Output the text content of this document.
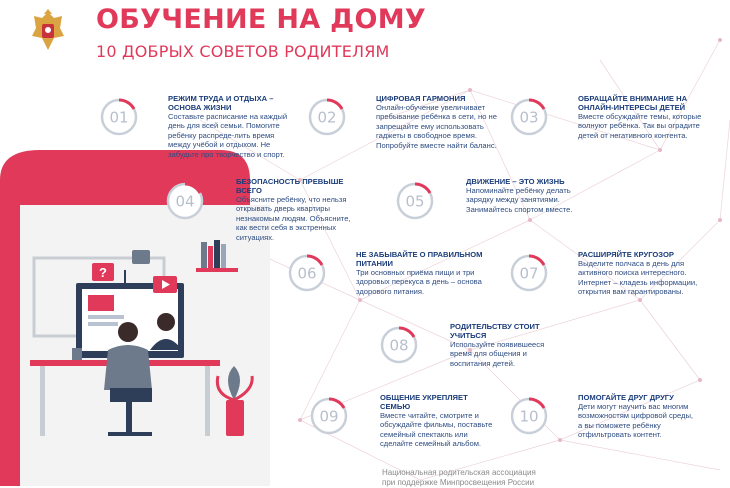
ОБУЧЕНИЕ НА ДОМУ
10 ДОБРЫХ СОВЕТОВ РОДИТЕЛЯМ
?
01	02	03
04	05
06	07
08
09	10
РЕЖИМ ТРУДА И ОТДЫХА – ОСНОВА ЖИЗНИ
Составьте расписание на каждый день для всей семьи. Помогите ребёнку распреде-лить время между учёбой и отдыхом. Не забудьте про творчество и спорт.
ЦИФРОВАЯ ГАРМОНИЯ
Онлайн-обучение увеличивает пребывание ребёнка в сети, но не запрещайте ему использовать гаджеты в свободное время. Попробуйте вместе найти баланс.
ОБРАЩАЙТЕ ВНИМАНИЕ НА ОНЛАЙН-ИНТЕРЕСЫ ДЕТЕЙ
Вместе обсуждайте темы, которые волнуют ребёнка. Так вы оградите детей от негативного контента.
БЕЗОПАСНОСТЬ ПРЕВЫШЕ ВСЕГО
Объясните ребёнку, что нельзя открывать дверь квартиры незнакомым людям. Объясните, как вести себя в экстренных ситуациях.
ДВИЖЕНИЕ – ЭТО ЖИЗНЬ
Напоминайте ребёнку делать зарядку между занятиями. Занимайтесь спортом вместе.
НЕ ЗАБЫВАЙТЕ О ПРАВИЛЬНОМ ПИТАНИИ
Три основных приёма пищи и три здоровых перекуса в день – основа здорового питания.
РАСШИРЯЙТЕ КРУГОЗОР
Выделите полчаса в день для активного поиска интересного. Интернет – кладезь информации, открытия вам гарантированы.
РОДИТЕЛЬСТВУ СТОИТ УЧИТЬСЯ
Используйте появившееся время для общения и воспитания детей.
ОБЩЕНИЕ УКРЕПЛЯЕТ СЕМЬЮ
Вместе читайте, смотрите и обсуждайте фильмы, поставьте семейный спектакль или сделайте семейный альбом.
ПОМОГАЙТЕ ДРУГ ДРУГУ
Дети могут научить вас многим возможностям цифровой среды, а вы поможете ребёнку отфильтровать контент.
Национальная родительская ассоциация
при поддержке Минпросвещения России
